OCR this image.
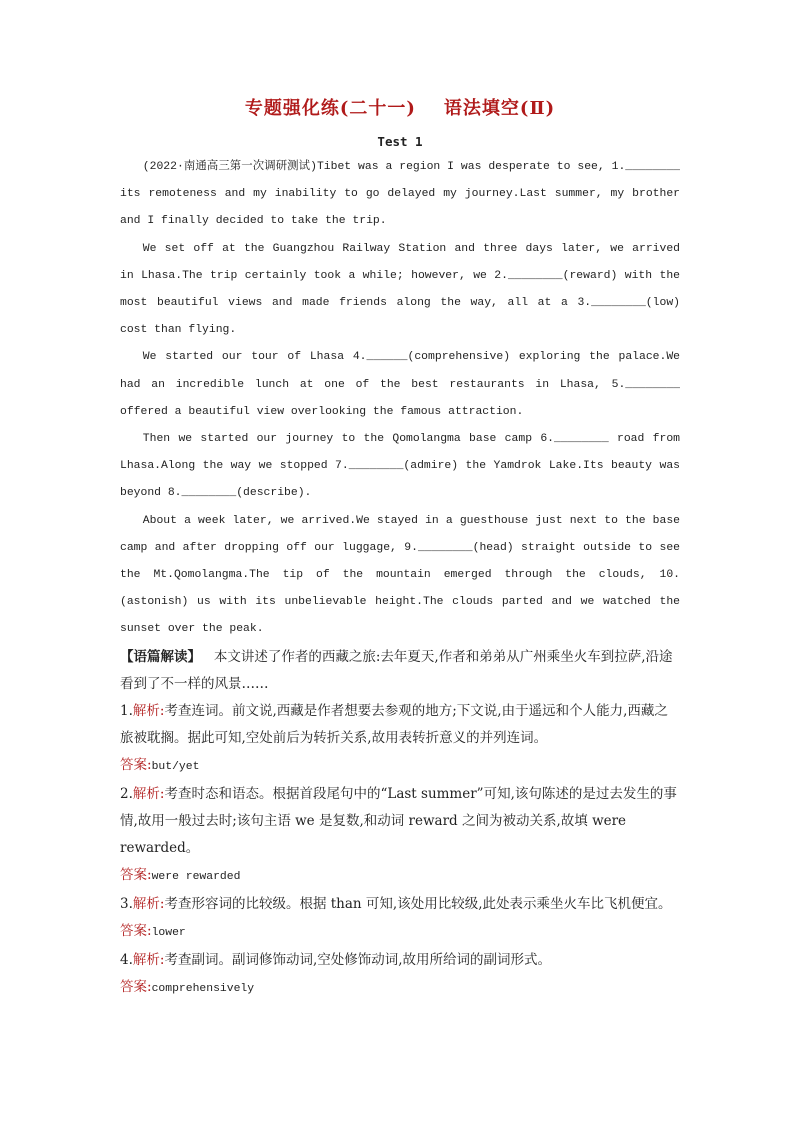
专题强化练(二十一) 语法填空(Ⅱ)
Test 1

(2022·南通高三第一次调研测试)Tibet was a region I was desperate to see, 1.________ its remoteness and my inability to go delayed my journey.Last summer, my brother and I finally decided to take the trip.

We set off at the Guangzhou Railway Station and three days later, we arrived in Lhasa.The trip certainly took a while; however, we 2.________(reward) with the most beautiful views and made friends along the way, all at a 3.________(low) cost than flying.

We started our tour of Lhasa 4.______(comprehensive) exploring the palace.We had an incredible lunch at one of the best restaurants in Lhasa, 5.________ offered a beautiful view overlooking the famous attraction.

Then we started our journey to the Qomolangma base camp 6.________ road from Lhasa.Along the way we stopped 7.________(admire) the Yamdrok Lake.Its beauty was beyond 8.________(describe).

About a week later, we arrived.We stayed in a guesthouse just next to the base camp and after dropping off our luggage, 9.________(head) straight outside to see the Mt.Qomolangma.The tip of the mountain emerged through the clouds, 10.(astonish) us with its unbelievable height.The clouds parted and we watched the sunset over the peak.

【语篇解读】 本文讲述了作者的西藏之旅:去年夏天,作者和弟弟从广州乘坐火车到拉萨,沿途看到了不一样的风景……

1.解析:考查连词。前文说,西藏是作者想要去参观的地方;下文说,由于遥远和个人能力,西藏之旅被耽搁。据此可知,空处前后为转折关系,故用表转折意义的并列连词。

答案:but/yet

2.解析:考查时态和语态。根据首段尾句中的“Last summer”可知,该句陈述的是过去发生的事情,故用一般过去时;该句主语 we 是复数,和动词 reward 之间为被动关系,故填 were rewarded。

答案:were rewarded

3.解析:考查形容词的比较级。根据 than 可知,该处用比较级,此处表示乘坐火车比飞机便宜。

答案:lower

4.解析:考查副词。副词修饰动词,空处修饰动词,故用所给词的副词形式。

答案:comprehensively
